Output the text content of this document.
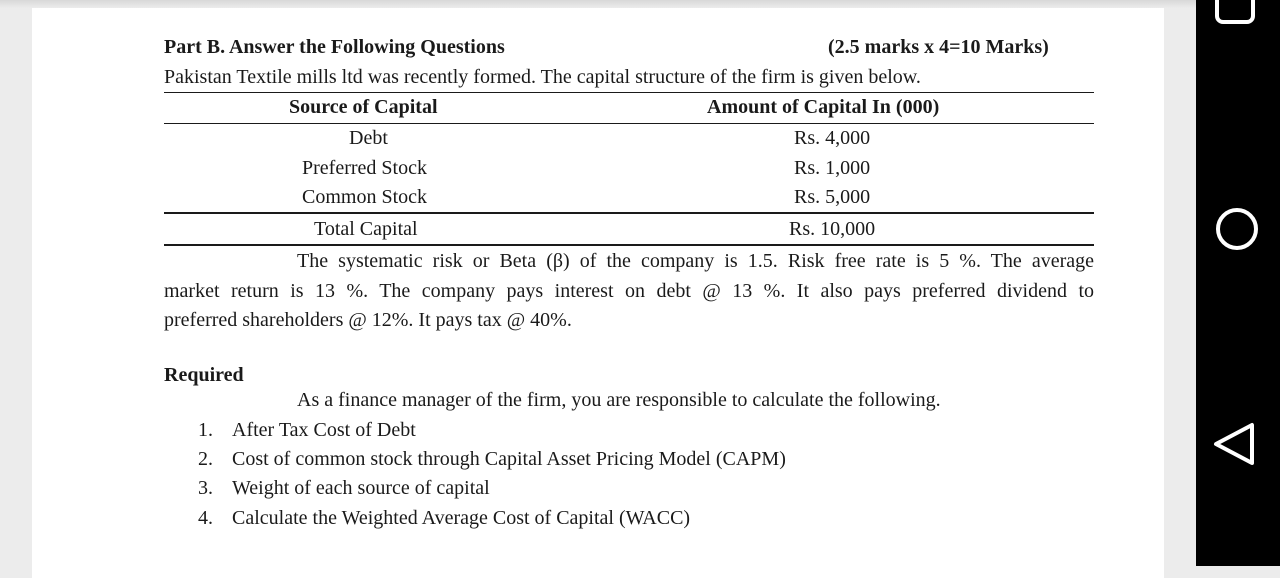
Part B. Answer the Following Questions	(2.5 marks x 4=10 Marks)
Pakistan Textile mills ltd was recently formed. The capital structure of the firm is given below.
Source of Capital	Amount of Capital In (000)
Debt	Rs. 4,000
Preferred Stock	Rs. 1,000
Common Stock	Rs. 5,000
Total Capital	Rs. 10,000
The systematic risk or Beta (β) of the company is 1.5. Risk free rate is 5 %. The average
market return is 13 %. The company pays interest on debt @ 13 %. It also pays preferred dividend to
preferred shareholders @ 12%. It pays tax @ 40%.
Required
As a finance manager of the firm, you are responsible to calculate the following.
1. After Tax Cost of Debt
2. Cost of common stock through Capital Asset Pricing Model (CAPM)
3. Weight of each source of capital
4. Calculate the Weighted Average Cost of Capital (WACC)
